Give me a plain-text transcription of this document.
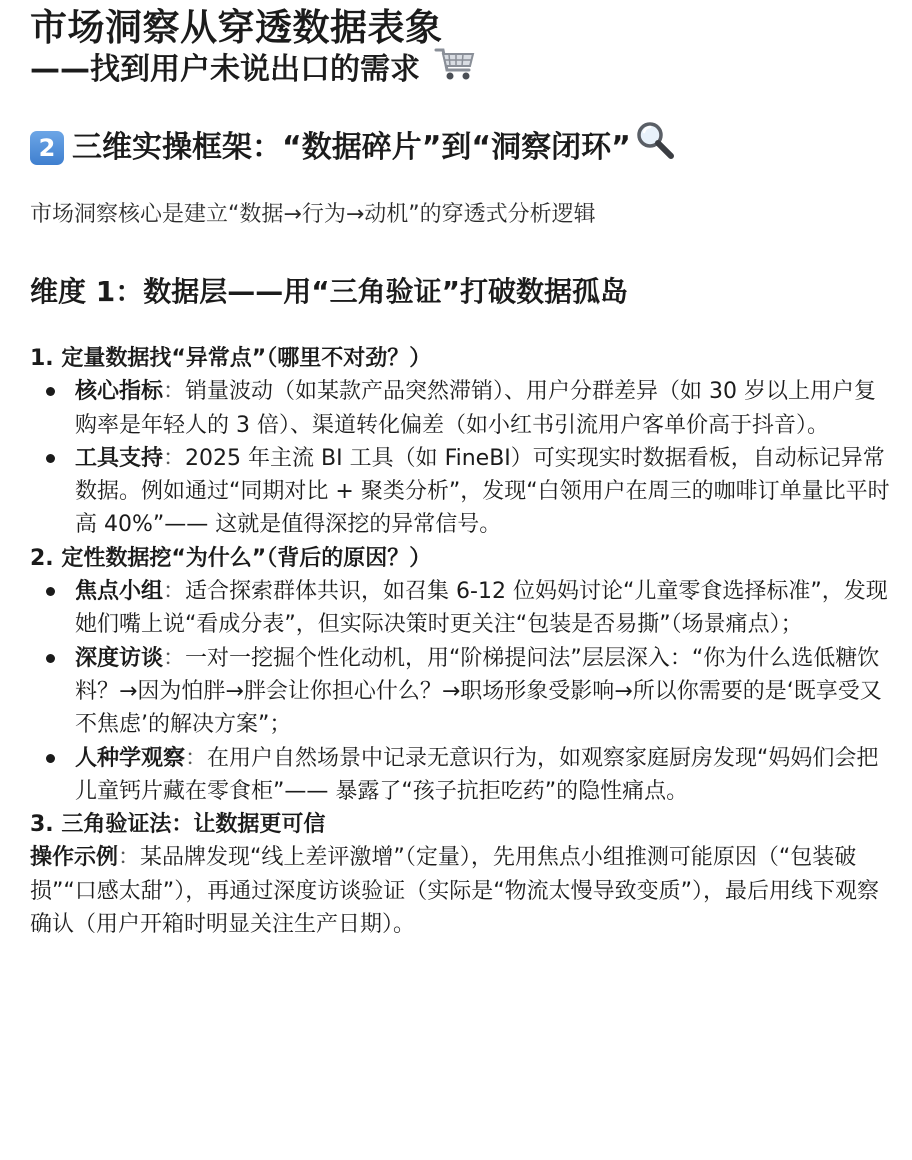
市场洞察从穿透数据表象
——找到用户未说出口的需求
2 三维实操框架：“数据碎片”到“洞察闭环”

市场洞察核心是建立“数据→行为→动机”的穿透式分析逻辑

维度 1：数据层——用“三角验证”打破数据孤岛

1. 定量数据找“异常点”（哪里不对劲？）

核心指标：销量波动（如某款产品突然滞销）、用户分群差异（如 30 岁以上用户复购率是年轻人的 3 倍）、渠道转化偏差（如小红书引流用户客单价高于抖音）。
工具支持：2025 年主流 BI 工具（如 FineBI）可实现实时数据看板，自动标记异常数据。例如通过“同期对比 + 聚类分析”，发现“白领用户在周三的咖啡订单量比平时高 40%”—— 这就是值得深挖的异常信号。

2. 定性数据挖“为什么”（背后的原因？）

焦点小组：适合探索群体共识，如召集 6-12 位妈妈讨论“儿童零食选择标准”，发现她们嘴上说“看成分表”，但实际决策时更关注“包装是否易撕”（场景痛点）；
深度访谈：一对一挖掘个性化动机，用“阶梯提问法”层层深入：“你为什么选低糖饮料？→因为怕胖→胖会让你担心什么？→职场形象受影响→所以你需要的是‘既享受又不焦虑’的解决方案”；
人种学观察：在用户自然场景中记录无意识行为，如观察家庭厨房发现“妈妈们会把儿童钙片藏在零食柜”—— 暴露了“孩子抗拒吃药”的隐性痛点。

3. 三角验证法：让数据更可信

操作示例：某品牌发现“线上差评激增”（定量），先用焦点小组推测可能原因（“包装破损”“口感太甜”），再通过深度访谈验证（实际是“物流太慢导致变质”），最后用线下观察确认（用户开箱时明显关注生产日期）。
